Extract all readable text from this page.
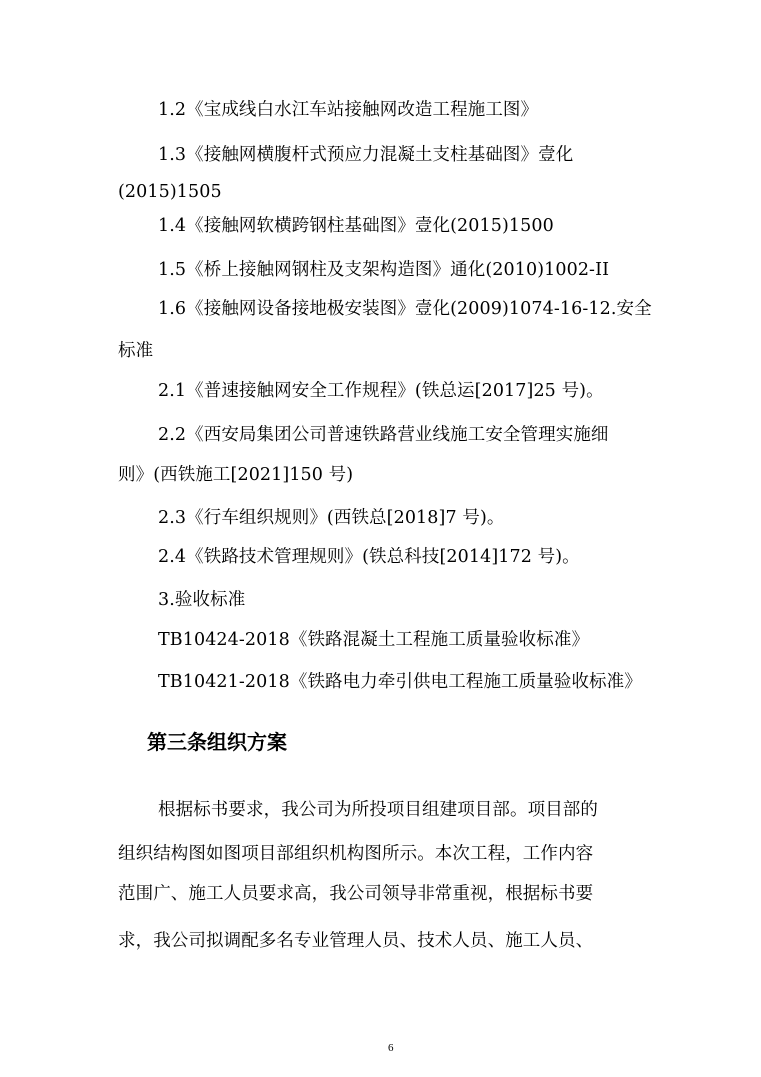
1.2《宝成线白水江车站接触网改造工程施工图》
1.3《接触网横腹杆式预应力混凝土支柱基础图》壹化
(2015)1505
1.4《接触网软横跨钢柱基础图》壹化(2015)1500
1.5《桥上接触网钢柱及支架构造图》通化(2010)1002-II
1.6《接触网设备接地极安装图》壹化(2009)1074-16-12.安全
标准
2.1《普速接触网安全工作规程》(铁总运[2017]25 号)。
2.2《西安局集团公司普速铁路营业线施工安全管理实施细
则》(西铁施工[2021]150 号)
2.3《行车组织规则》(西铁总[2018]7 号)。
2.4《铁路技术管理规则》(铁总科技[2014]172 号)。
3.验收标准
TB10424-2018《铁路混凝土工程施工质量验收标准》
TB10421-2018《铁路电力牵引供电工程施工质量验收标准》
第三条组织方案
根据标书要求，我公司为所投项目组建项目部。项目部的
组织结构图如图项目部组织机构图所示。本次工程，工作内容
范围广、施工人员要求高，我公司领导非常重视，根据标书要
求，我公司拟调配多名专业管理人员、技术人员、施工人员、
6
